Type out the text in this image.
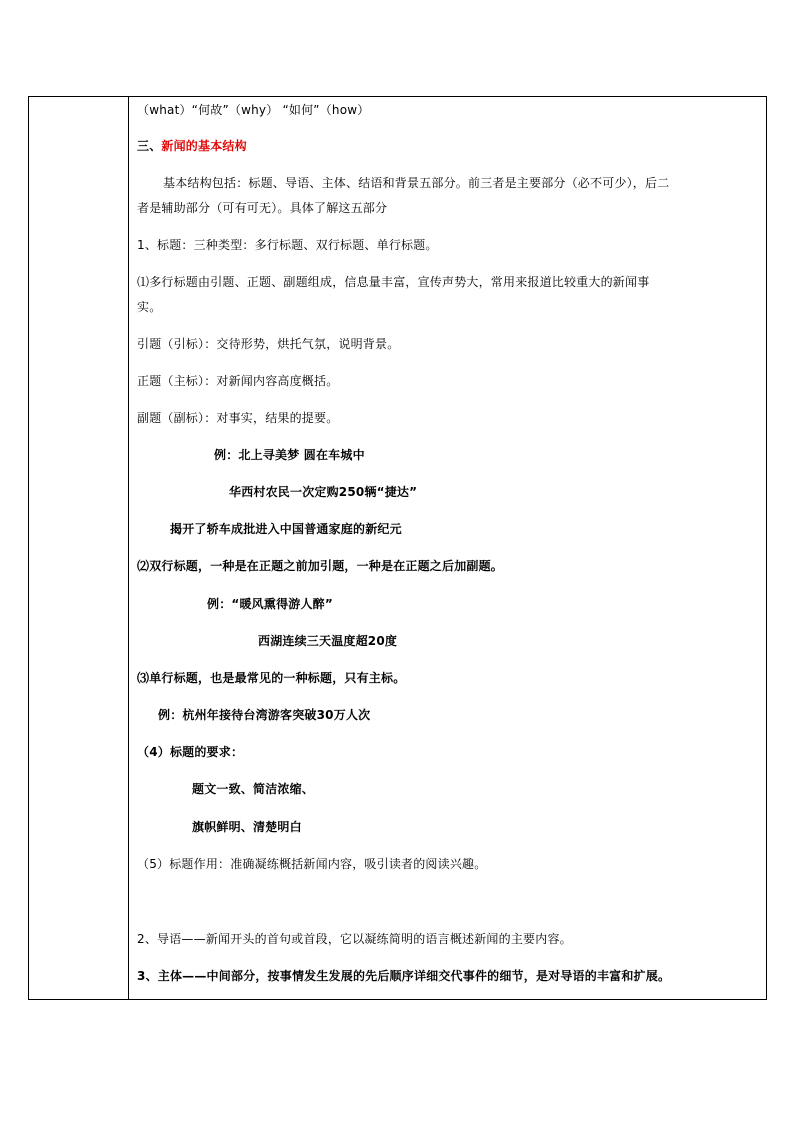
（what）“何故”（why） “如何”（how）
三、新闻的基本结构
基本结构包括：标题、导语、主体、结语和背景五部分。前三者是主要部分（必不可少），后二
者是辅助部分（可有可无）。具体了解这五部分
1、标题：三种类型：多行标题、双行标题、单行标题。
⑴多行标题由引题、正题、副题组成，信息量丰富，宣传声势大，常用来报道比较重大的新闻事
实。
引题（引标）：交待形势，烘托气氛，说明背景。
正题（主标）：对新闻内容高度概括。
副题（副标）：对事实，结果的提要。
例：北上寻美梦 圆在车城中
华西村农民一次定购250辆“捷达”
揭开了轿车成批进入中国普通家庭的新纪元
⑵双行标题，一种是在正题之前加引题，一种是在正题之后加副题。
例：“暖风熏得游人醉”
西湖连续三天温度超20度
⑶单行标题，也是最常见的一种标题，只有主标。
例：杭州年接待台湾游客突破30万人次
（4）标题的要求：
题文一致、简洁浓缩、
旗帜鲜明、清楚明白
（5）标题作用：准确凝练概括新闻内容，吸引读者的阅读兴趣。
2、导语——新闻开头的首句或首段，它以凝练简明的语言概述新闻的主要内容。
3、主体——中间部分，按事情发生发展的先后顺序详细交代事件的细节，是对导语的丰富和扩展。
